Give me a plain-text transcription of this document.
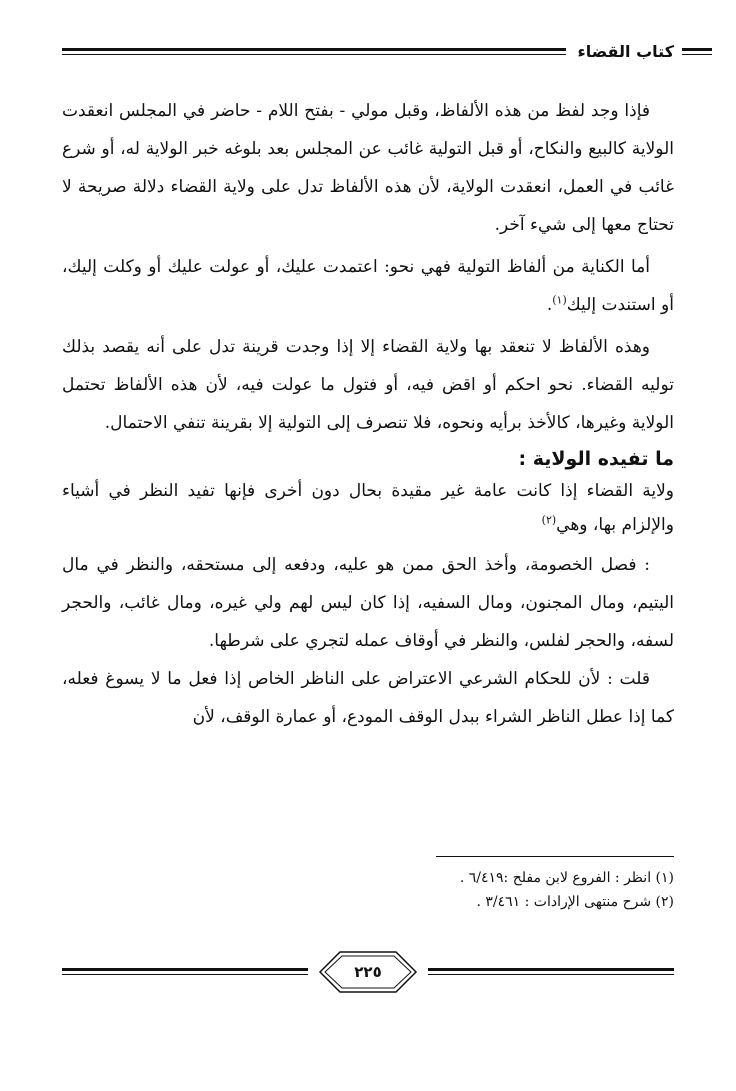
كتاب القضاء

فإذا وجد لفظ من هذه الألفاظ، وقبل مولي - بفتح اللام - حاضر في المجلس انعقدت الولاية كالبيع والنكاح، أو قبل التولية غائب عن المجلس بعد بلوغه خبر الولاية له، أو شرع غائب في العمل، انعقدت الولاية، لأن هذه الألفاظ تدل على ولاية القضاء دلالة صريحة لا تحتاج معها إلى شيء آخر.

أما الكناية من ألفاظ التولية فهي نحو: اعتمدت عليك، أو عولت عليك أو وكلت إليك، أو استندت إليك$^{(١)}$.

وهذه الألفاظ لا تنعقد بها ولاية القضاء إلا إذا وجدت قرينة تدل على أنه يقصد بذلك توليه القضاء. نحو احكم أو اقض فيه، أو فتول ما عولت فيه، لأن هذه الألفاظ تحتمل الولاية وغيرها، كالأخذ برأيه ونحوه، فلا تنصرف إلى التولية إلا بقرينة تنفي الاحتمال.

ما تفيده الولاية :

ولاية القضاء إذا كانت عامة غير مقيدة بحال دون أخرى فإنها تفيد النظر في أشياء والإلزام بها، وهي$^{(٢)}$

: فصل الخصومة، وأخذ الحق ممن هو عليه، ودفعه إلى مستحقه، والنظر في مال اليتيم، ومال المجنون، ومال السفيه، إذا كان ليس لهم ولي غيره، ومال غائب، والحجر لسفه، والحجر لفلس، والنظر في أوقاف عمله لتجري على شرطها.

قلت : لأن للحكام الشرعي الاعتراض على الناظر الخاص إذا فعل ما لا يسوغ فعله، كما إذا عطل الناظر الشراء ببدل الوقف المودع، أو عمارة الوقف، لأن

(١) انظر : الفروع لابن مفلح :٦/٤١٩ .
(٢) شرح منتهى الإرادات : ٣/٤٦١ .
٢٢٥
